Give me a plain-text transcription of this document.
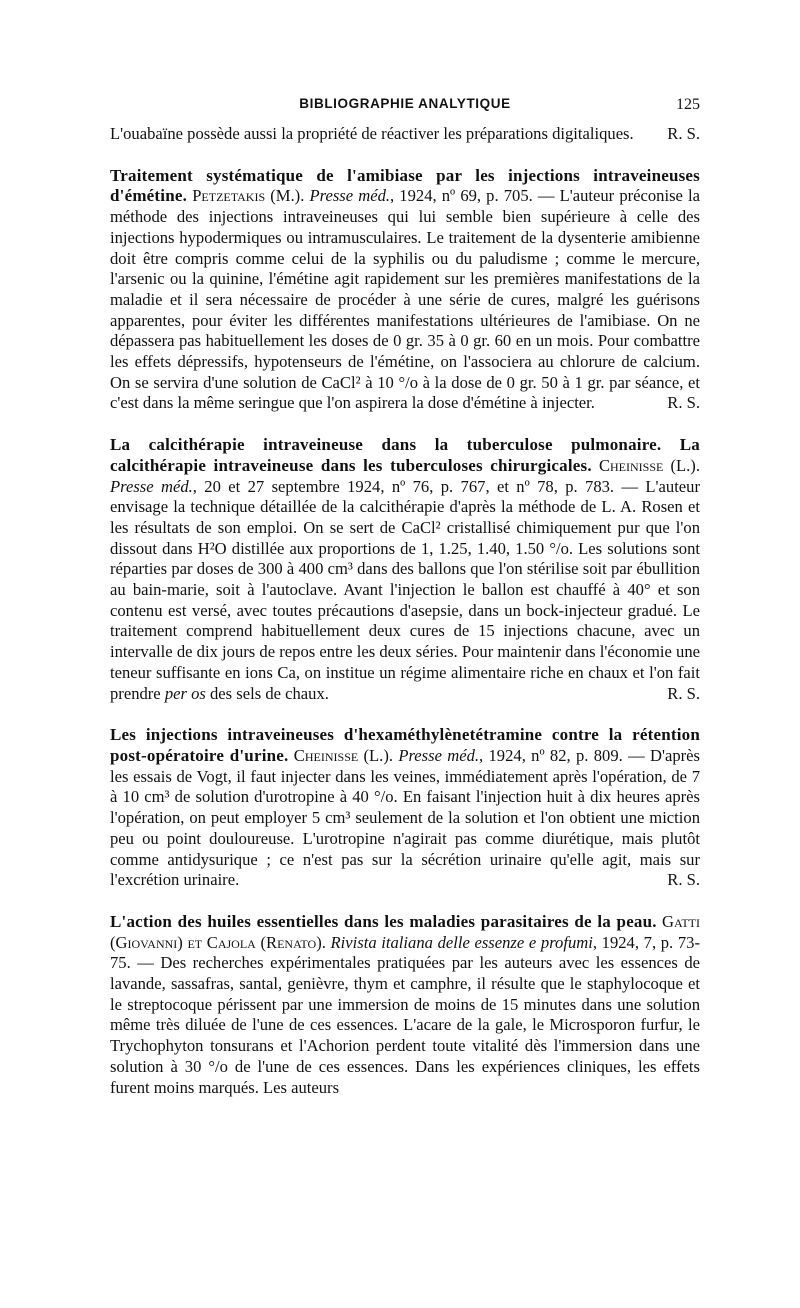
BIBLIOGRAPHIE ANALYTIQUE	125

L'ouabaïne possède aussi la propriété de réactiver les préparations digitaliques.	R. S.

Traitement systématique de l'amibiase par les injections intraveineuses d'émétine. Petzetakis (M.). Presse méd., 1924, nº 69, p. 705. — L'auteur préconise la méthode des injections intraveineuses qui lui semble bien supérieure à celle des injections hypodermiques ou intramusculaires. Le traitement de la dysenterie amibienne doit être compris comme celui de la syphilis ou du paludisme ; comme le mercure, l'arsenic ou la quinine, l'émétine agit rapidement sur les premières manifestations de la maladie et il sera nécessaire de procéder à une série de cures, malgré les guérisons apparentes, pour éviter les différentes manifestations ultérieures de l'amibiase. On ne dépassera pas habituellement les doses de 0 gr. 35 à 0 gr. 60 en un mois. Pour combattre les effets dépressifs, hypotenseurs de l'émétine, on l'associera au chlorure de calcium. On se servira d'une solution de CaCl² à 10 °/o à la dose de 0 gr. 50 à 1 gr. par séance, et c'est dans la même seringue que l'on aspirera la dose d'émétine à injecter.	R. S.

La calcithérapie intraveineuse dans la tuberculose pulmonaire. La calcithérapie intraveineuse dans les tuberculoses chirurgicales. Cheinisse (L.). Presse méd., 20 et 27 septembre 1924, nº 76, p. 767, et nº 78, p. 783. — L'auteur envisage la technique détaillée de la calcithérapie d'après la méthode de L. A. Rosen et les résultats de son emploi. On se sert de CaCl² cristallisé chimiquement pur que l'on dissout dans H²O distillée aux proportions de 1, 1.25, 1.40, 1.50 °/o. Les solutions sont réparties par doses de 300 à 400 cm³ dans des ballons que l'on stérilise soit par ébullition au bain-marie, soit à l'autoclave. Avant l'injection le ballon est chauffé à 40° et son contenu est versé, avec toutes précautions d'asepsie, dans un bock-injecteur gradué. Le traitement comprend habituellement deux cures de 15 injections chacune, avec un intervalle de dix jours de repos entre les deux séries. Pour maintenir dans l'économie une teneur suffisante en ions Ca, on institue un régime alimentaire riche en chaux et l'on fait prendre per os des sels de chaux.	R. S.

Les injections intraveineuses d'hexaméthylènetétramine contre la rétention post-opératoire d'urine. Cheinisse (L.). Presse méd., 1924, nº 82, p. 809. — D'après les essais de Vogt, il faut injecter dans les veines, immédiatement après l'opération, de 7 à 10 cm³ de solution d'urotropine à 40 °/o. En faisant l'injection huit à dix heures après l'opération, on peut employer 5 cm³ seulement de la solution et l'on obtient une miction peu ou point douloureuse. L'urotropine n'agirait pas comme diurétique, mais plutôt comme antidysurique ; ce n'est pas sur la sécrétion urinaire qu'elle agit, mais sur l'excrétion urinaire.	R. S.

L'action des huiles essentielles dans les maladies parasitaires de la peau. Gatti (Giovanni) et Cajola (Renato). Rivista italiana delle essenze e profumi, 1924, 7, p. 73-75. — Des recherches expérimentales pratiquées par les auteurs avec les essences de lavande, sassafras, santal, genièvre, thym et camphre, il résulte que le staphylocoque et le streptocoque périssent par une immersion de moins de 15 minutes dans une solution même très diluée de l'une de ces essences. L'acare de la gale, le Microsporon furfur, le Trychophyton tonsurans et l'Achorion perdent toute vitalité dès l'immersion dans une solution à 30 °/o de l'une de ces essences. Dans les expériences cliniques, les effets furent moins marqués. Les auteurs
